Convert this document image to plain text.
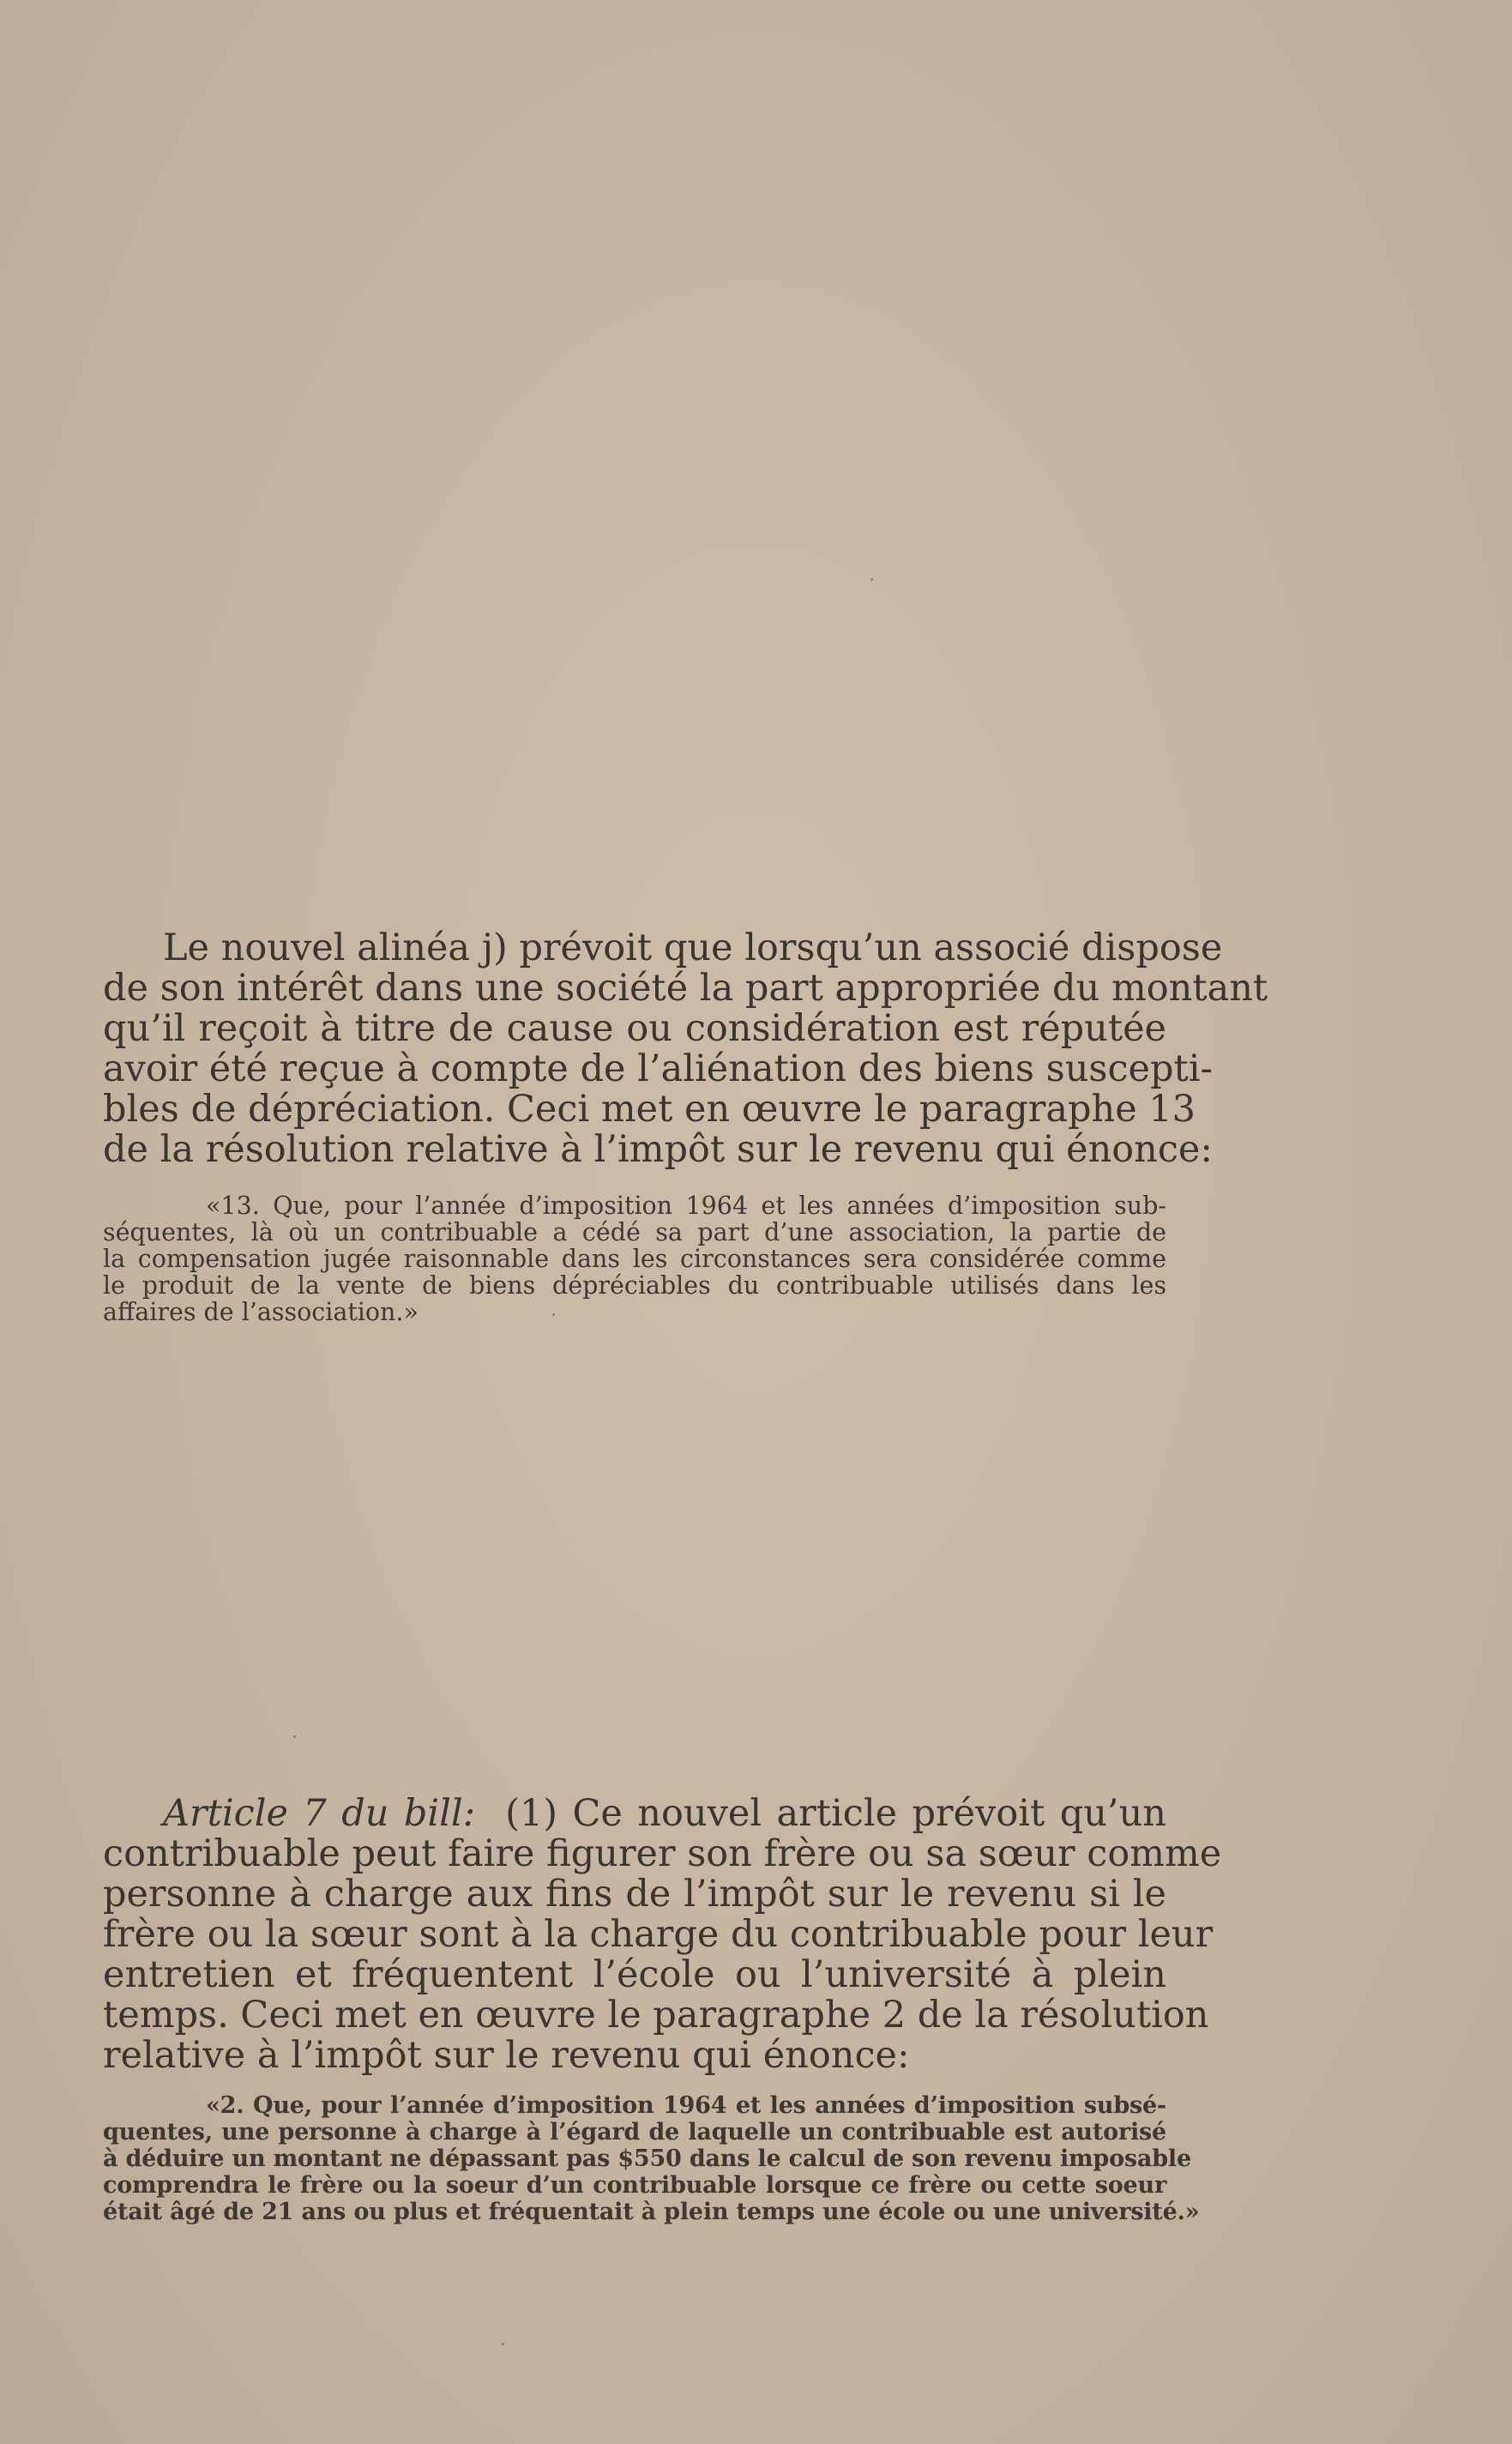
Le nouvel alinéa j) prévoit que lorsqu’un associé dispose
de son intérêt dans une société la part appropriée du montant
qu’il reçoit à titre de cause ou considération est réputée
avoir été reçue à compte de l’aliénation des biens suscepti-
bles de dépréciation. Ceci met en œuvre le paragraphe 13
de la résolution relative à l’impôt sur le revenu qui énonce:
«13. Que, pour l’année d’imposition 1964 et les années d’imposition sub-
séquentes, là où un contribuable a cédé sa part d’une association, la partie de
la compensation jugée raisonnable dans les circonstances sera considérée comme
le produit de la vente de biens dépréciables du contribuable utilisés dans les
affaires de l’association.»
Article 7 du bill: (1) Ce nouvel article prévoit qu’un
contribuable peut faire figurer son frère ou sa sœur comme
personne à charge aux fins de l’impôt sur le revenu si le
frère ou la sœur sont à la charge du contribuable pour leur
entretien et fréquentent l’école ou l’université à plein
temps. Ceci met en œuvre le paragraphe 2 de la résolution
relative à l’impôt sur le revenu qui énonce:
«2. Que, pour l’année d’imposition 1964 et les années d’imposition subsé-
quentes, une personne à charge à l’égard de laquelle un contribuable est autorisé
à déduire un montant ne dépassant pas $550 dans le calcul de son revenu imposable
comprendra le frère ou la soeur d’un contribuable lorsque ce frère ou cette soeur
était âgé de 21 ans ou plus et fréquentait à plein temps une école ou une université.»
